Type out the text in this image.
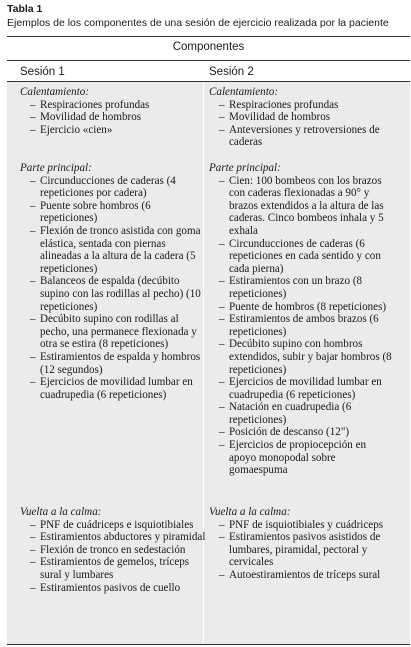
Tabla 1
Ejemplos de los componentes de una sesión de ejercicio realizada por la paciente
Componentes
Sesión 1	Sesión 2

Calentamiento:

– Respiraciones profundas
– Movilidad de hombros
– Ejercicio «cien»

Parte principal:

– Circunducciones de caderas (4 repeticiones por cadera)
– Puente sobre hombros (6 repeticiones)
– Flexión de tronco asistida con goma elástica, sentada con piernas alineadas a la altura de la cadera (5 repeticiones)
– Balanceos de espalda (decúbito supino con las rodillas al pecho) (10 repeticiones)
– Decúbito supino con rodillas al pecho, una permanece flexionada y otra se estira (8 repeticiones)
– Estiramientos de espalda y hombros (12 segundos)
– Ejercicios de movilidad lumbar en cuadrupedia (6 repeticiones)

Vuelta a la calma:

– PNF de cuádriceps e isquiotibiales
– Estiramientos abductores y piramidal
– Flexión de tronco en sedestación
– Estiramientos de gemelos, tríceps sural y lumbares
– Estiramientos pasivos de cuello

Calentamiento:

– Respiraciones profundas
– Movilidad de hombros
– Anteversiones y retroversiones de caderas

Parte principal:

– Cien: 100 bombeos con los brazos con caderas flexionadas a 90° y brazos extendidos a la altura de las caderas. Cinco bombeos inhala y 5 exhala
– Circunducciones de caderas (6 repeticiones en cada sentido y con cada pierna)
– Estiramientos con un brazo (8 repeticiones)
– Puente de hombros (8 repeticiones)
– Estiramientos de ambos brazos (6 repeticiones)
– Decúbito supino con hombros extendidos, subir y bajar hombros (8 repeticiones)
– Ejercicios de movilidad lumbar en cuadrupedia (6 repeticiones)
– Natación en cuadrupedia (6 repeticiones)
– Posición de descanso (12")
– Ejercicios de propiocepción en apoyo monopodal sobre gomaespuma

Vuelta a la calma:

– PNF de isquiotibiales y cuádriceps
– Estiramientos pasivos asistidos de lumbares, piramidal, pectoral y cervicales
– Autoestiramientos de tríceps sural
